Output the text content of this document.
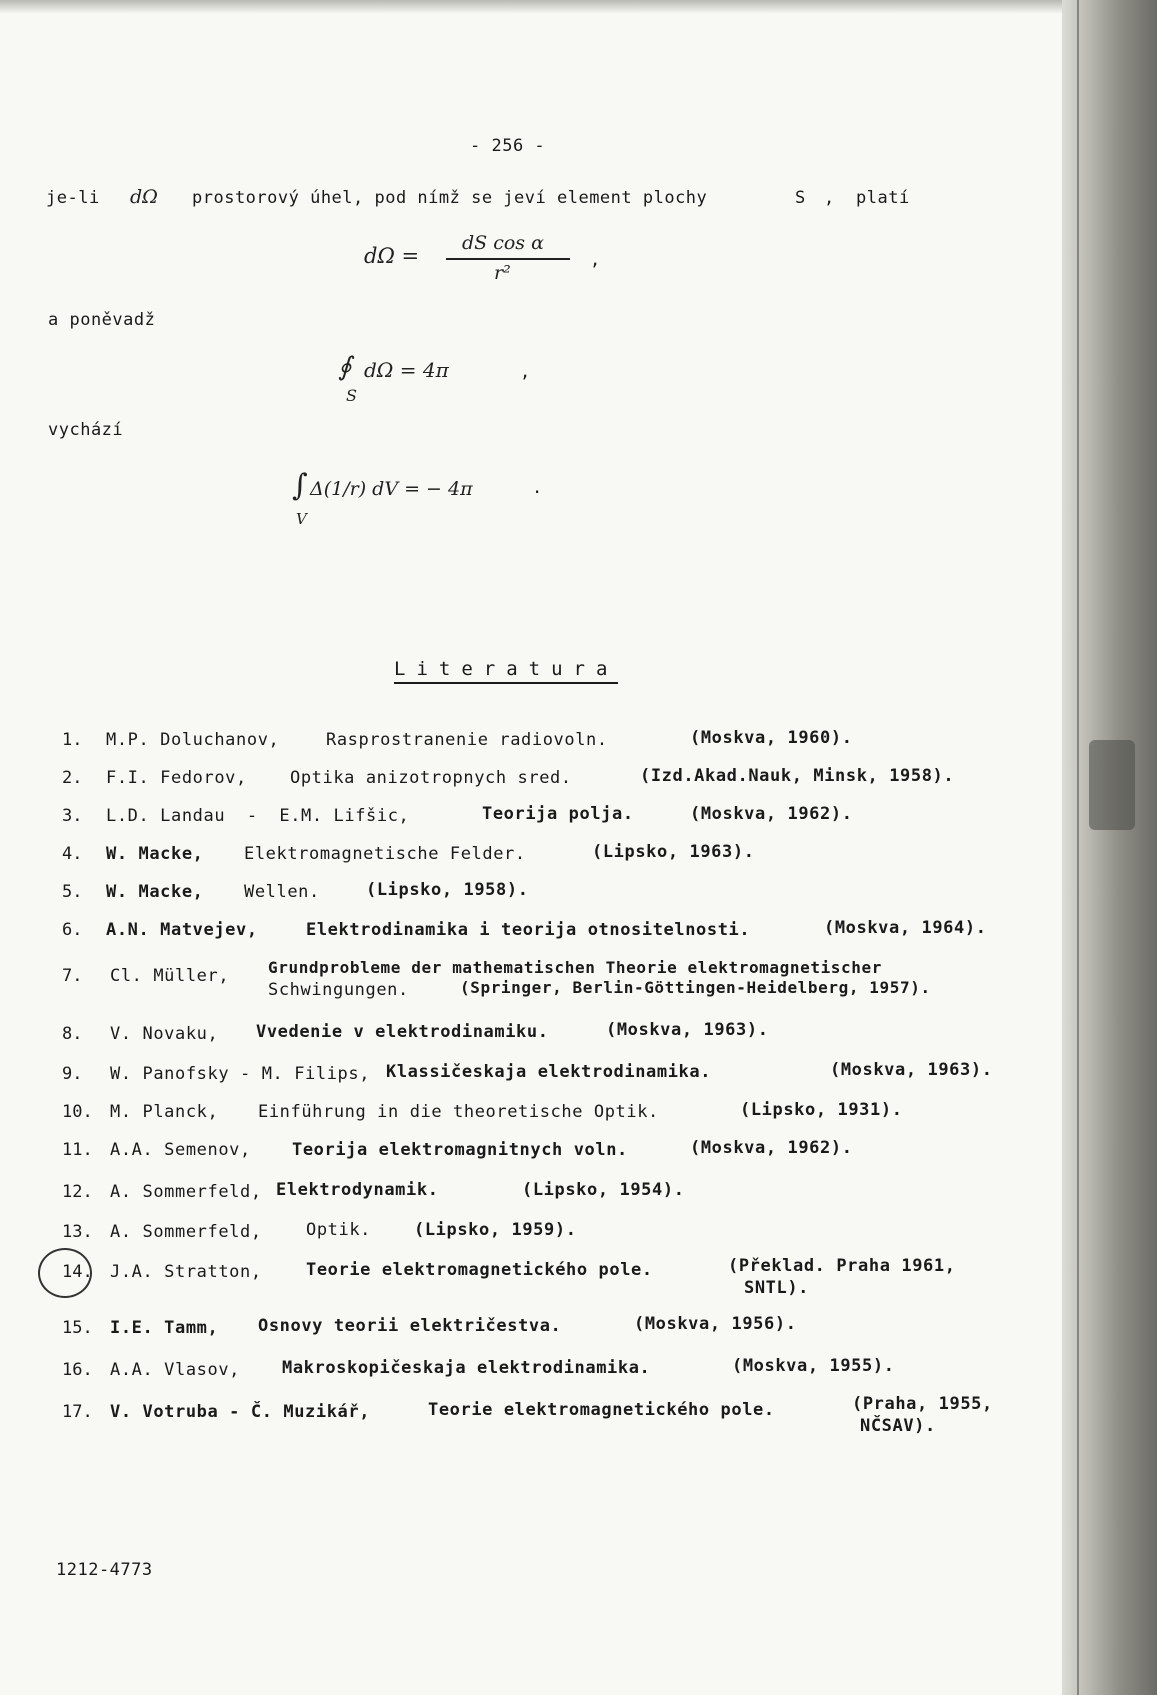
- 256 -
je-li dΩ prostorový úhel, pod nímž se jeví element plochy	S , platí
dΩ =
dS cos α
r²
,
a poněvadž
∮ dΩ = 4π
S
,
vychází
∫ Δ(1/r) dV = − 4π
V
.
Literatura
1. M.P. Doluchanov,	Rasprostranenie radiovoln.	(Moskva, 1960).
2. F.I. Fedorov,	Optika anizotropnych sred.	(Izd.Akad.Nauk, Minsk, 1958).
3. L.D. Landau  -  E.M. Lifšic,	Teorija polja.	(Moskva, 1962).
4. W. Macke, Elektromagnetische Felder.	(Lipsko, 1963).
5. W. Macke, Wellen.	(Lipsko, 1958).
6. A.N. Matvejev,	Elektrodinamika i teorija otnositelnosti.	(Moskva, 1964).
7. Cl. Müller, Grundprobleme der mathematischen Theorie elektromagnetischer
Schwingungen.	(Springer, Berlin-Göttingen-Heidelberg, 1957).
8. V. Novaku, Vvedenie v elektrodinamiku.	(Moskva, 1963).
9. W. Panofsky - M. Filips, Klassičeskaja elektrodinamika.	(Moskva, 1963).
10. M. Planck, Einführung in die theoretische Optik.	(Lipsko, 1931).
11. A.A. Semenov, Teorija elektromagnitnych voln.	(Moskva, 1962).
12. A. Sommerfeld, Elektrodynamik.	(Lipsko, 1954).
13. A. Sommerfeld,	Optik.	(Lipsko, 1959).
14. J.A. Stratton,	Teorie elektromagnetického pole.	(Překlad. Praha 1961,
SNTL).
15. I.E. Tamm, Osnovy teorii električestva.	(Moskva, 1956).
16. A.A. Vlasov, Makroskopičeskaja elektrodinamika.	(Moskva, 1955).
17. V. Votruba - Č. Muzikář,	Teorie elektromagnetického pole.	(Praha, 1955,
NČSAV).
1212-4773
